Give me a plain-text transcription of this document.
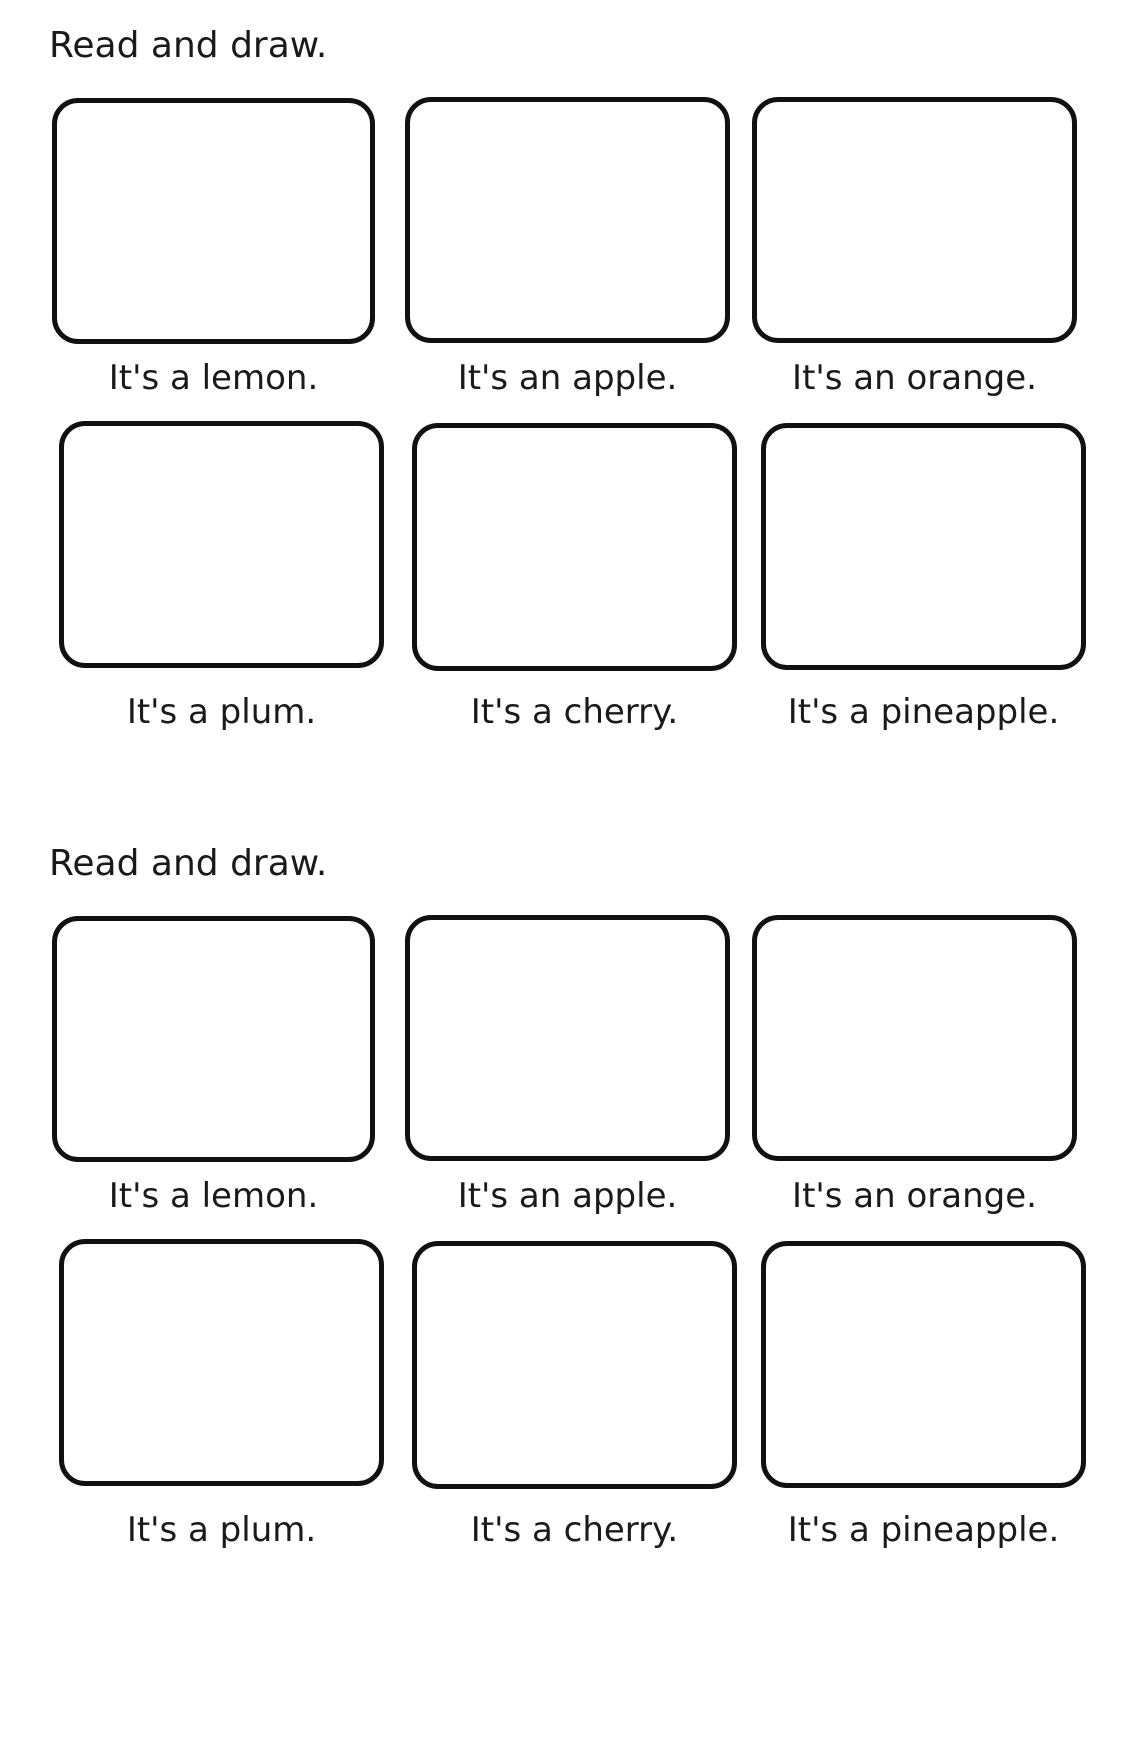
Read and draw.

It's a lemon.	It's an apple.	It's an orange.

It's a plum.	It's a cherry.	It's a pineapple.

Read and draw.

It's a lemon.	It's an apple.	It's an orange.

It's a plum.	It's a cherry.	It's a pineapple.
